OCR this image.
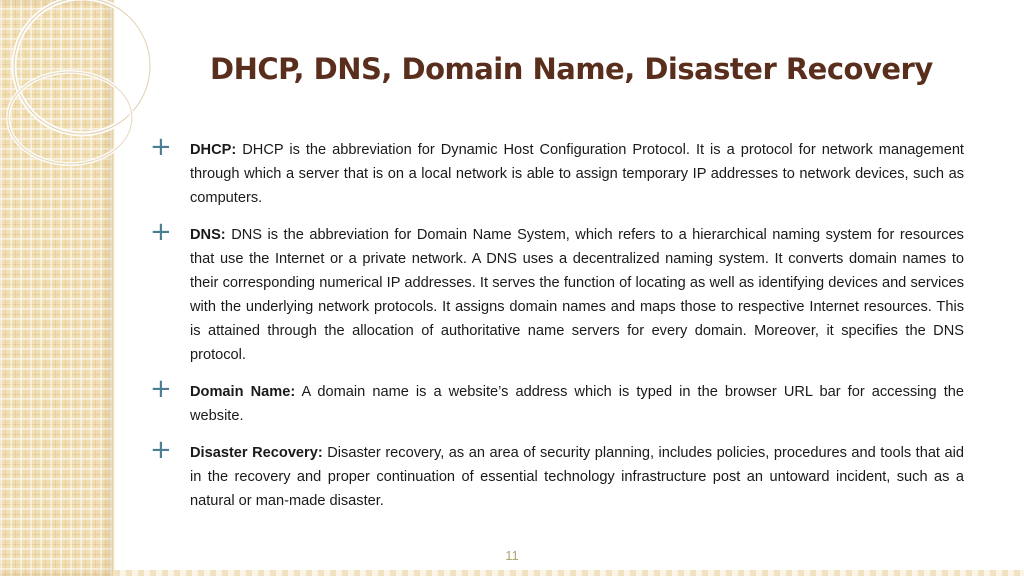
DHCP, DNS, Domain Name, Disaster Recovery
+ DHCP: DHCP is the abbreviation for Dynamic Host Configuration Protocol. It is a protocol for network management through which a server that is on a local network is able to assign temporary IP addresses to network devices, such as computers.

+ DNS: DNS is the abbreviation for Domain Name System, which refers to a hierarchical naming system for resources that use the Internet or a private network. A DNS uses a decentralized naming system. It converts domain names to their corresponding numerical IP addresses. It serves the function of locating as well as identifying devices and services with the underlying network protocols. It assigns domain names and maps those to respective Internet resources. This is attained through the allocation of authoritative name servers for every domain. Moreover, it specifies the DNS protocol.

+ Domain Name: A domain name is a website’s address which is typed in the browser URL bar for accessing the website.

+ Disaster Recovery: Disaster recovery, as an area of security planning, includes policies, procedures and tools that aid in the recovery and proper continuation of essential technology infrastructure post an untoward incident, such as a natural or man-made disaster.

11
